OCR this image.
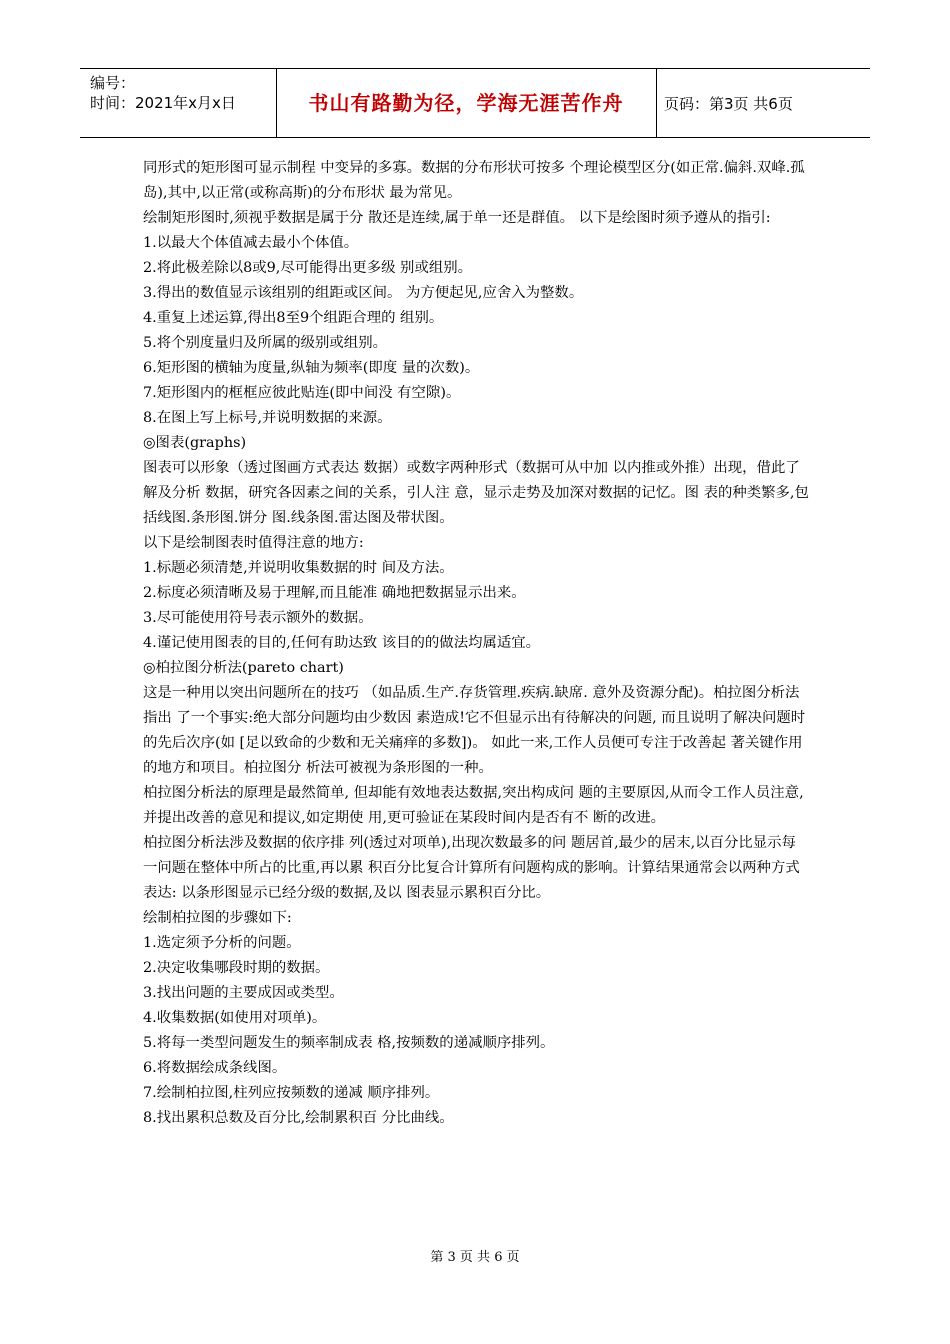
编号：
时间：2021年x月x日	书山有路勤为径，学海无涯苦作舟	页码：第3页 共6页

同形式的矩形图可显示制程 中变异的多寡。数据的分布形状可按多 个理论模型区分(如正常.偏斜.双峰.孤 岛),其中,以正常(或称高斯)的分布形状 最为常见。

绘制矩形图时,须视乎数据是属于分 散还是连续,属于单一还是群值。 以下是绘图时须予遵从的指引:

1.以最大个体值减去最小个体值。

2.将此极差除以8或9,尽可能得出更多级 别或组别。

3.得出的数值显示该组别的组距或区间。 为方便起见,应舍入为整数。

4.重复上述运算,得出8至9个组距合理的 组别。

5.将个别度量归及所属的级别或组别。

6.矩形图的横轴为度量,纵轴为频率(即度 量的次数)。

7.矩形图内的框框应彼此贴连(即中间没 有空隙)。

8.在图上写上标号,并说明数据的来源。

◎图表(graphs)

图表可以形象（透过图画方式表达 数据）或数字两种形式（数据可从中加 以内推或外推）出现，借此了解及分析 数据，研究各因素之间的关系，引人注 意，显示走势及加深对数据的记忆。图 表的种类繁多,包括线图.条形图.饼分 图.线条图.雷达图及带状图。

以下是绘制图表时值得注意的地方:

1.标题必须清楚,并说明收集数据的时 间及方法。

2.标度必须清晰及易于理解,而且能准 确地把数据显示出来。

3.尽可能使用符号表示额外的数据。

4.谨记使用图表的目的,任何有助达致 该目的的做法均属适宜。

◎柏拉图分析法(pareto chart)

这是一种用以突出问题所在的技巧 （如品质.生产.存货管理.疾病.缺席. 意外及资源分配)。柏拉图分析法指出 了一个事实:绝大部分问题均由少数因 素造成!它不但显示出有待解决的问题, 而且说明了解决问题时的先后次序(如 [足以致命的少数和无关痛痒的多数])。 如此一来,工作人员便可专注于改善起 著关键作用的地方和项目。柏拉图分 析法可被视为条形图的一种。

柏拉图分析法的原理是最然简单, 但却能有效地表达数据,突出构成问 题的主要原因,从而令工作人员注意, 并提出改善的意见和提议,如定期使 用,更可验证在某段时间内是否有不 断的改进。

柏拉图分析法涉及数据的依序排 列(透过对项单),出现次数最多的问 题居首,最少的居末,以百分比显示每 一问题在整体中所占的比重,再以累 积百分比复合计算所有问题构成的影响。计算结果通常会以两种方式表达: 以条形图显示已经分级的数据,及以 图表显示累积百分比。

绘制柏拉图的步骤如下:

1.选定须予分析的问题。

2.决定收集哪段时期的数据。

3.找出问题的主要成因或类型。

4.收集数据(如使用对项单)。

5.将每一类型问题发生的频率制成表 格,按频数的递减顺序排列。

6.将数据绘成条线图。

7.绘制柏拉图,柱列应按频数的递减 顺序排列。

8.找出累积总数及百分比,绘制累积百 分比曲线。

第 3 页 共 6 页
